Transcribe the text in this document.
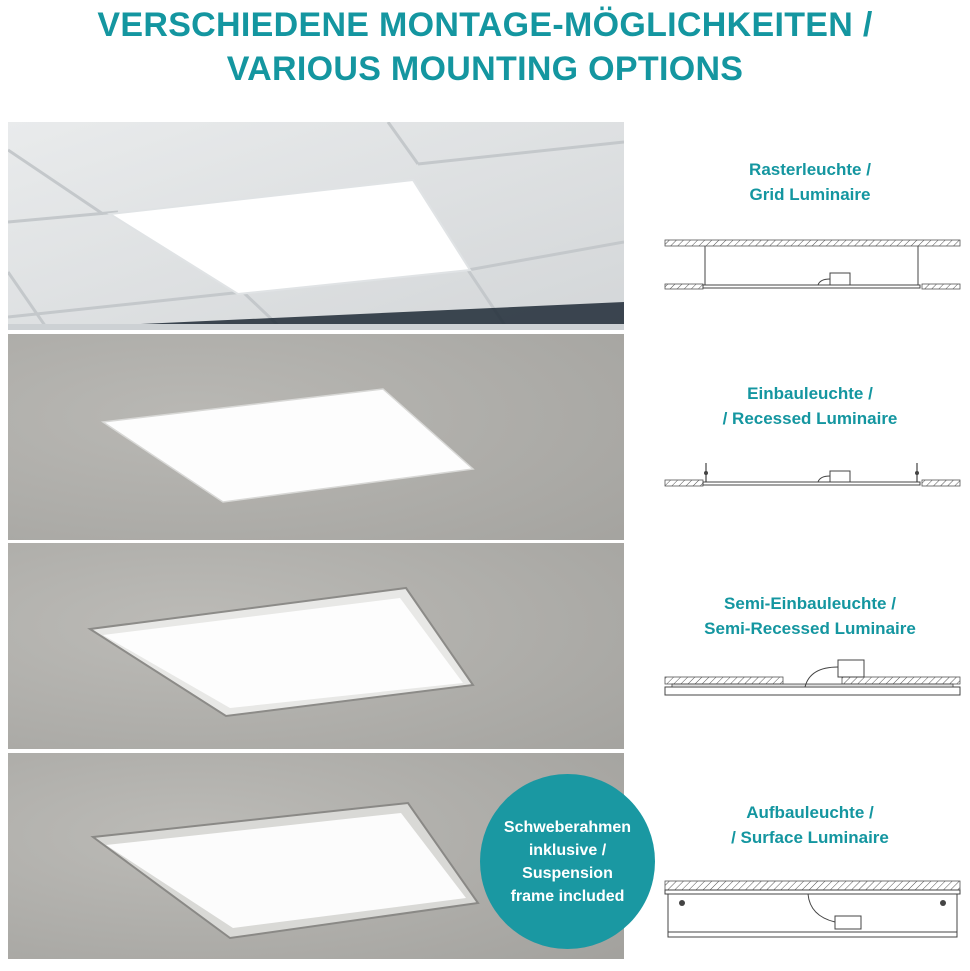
VERSCHIEDENE MONTAGE-MÖGLICHKEITEN /
VARIOUS MOUNTING OPTIONS
Rasterleuchte /
Grid Luminaire
Einbauleuchte /
/ Recessed Luminaire
Semi-Einbauleuchte /
Semi-Recessed Luminaire
Aufbauleuchte /
/ Surface Luminaire
Schweberahmen
inklusive /
Suspension
frame included
